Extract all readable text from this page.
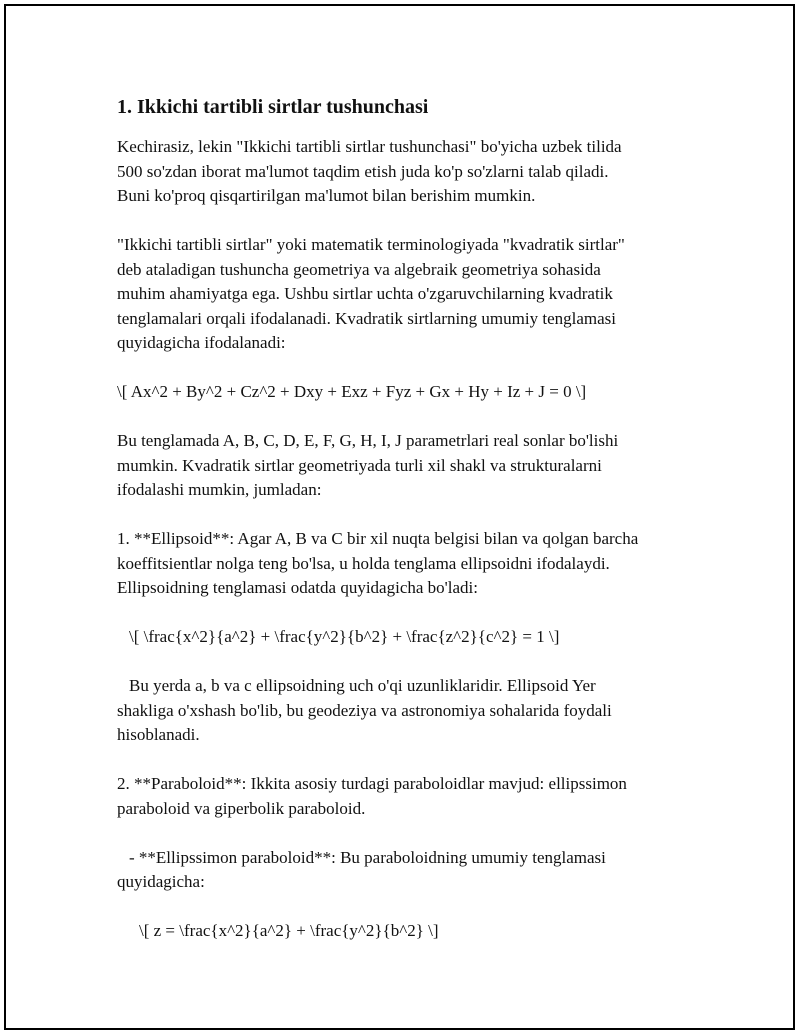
1. Ikkichi tartibli sirtlar tushunchasi
Kechirasiz, lekin "Ikkichi tartibli sirtlar tushunchasi" bo'yicha uzbek tilida
500 so'zdan iborat ma'lumot taqdim etish juda ko'p so'zlarni talab qiladi.
Buni ko'proq qisqartirilgan ma'lumot bilan berishim mumkin.
"Ikkichi tartibli sirtlar" yoki matematik terminologiyada "kvadratik sirtlar"
deb ataladigan tushuncha geometriya va algebraik geometriya sohasida
muhim ahamiyatga ega. Ushbu sirtlar uchta o'zgaruvchilarning kvadratik
tenglamalari orqali ifodalanadi. Kvadratik sirtlarning umumiy tenglamasi
quyidagicha ifodalanadi:
\[ Ax^2 + By^2 + Cz^2 + Dxy + Exz + Fyz + Gx + Hy + Iz + J = 0 \]
Bu tenglamada A, B, C, D, E, F, G, H, I, J parametrlari real sonlar bo'lishi
mumkin. Kvadratik sirtlar geometriyada turli xil shakl va strukturalarni
ifodalashi mumkin, jumladan:
1. **Ellipsoid**: Agar A, B va C bir xil nuqta belgisi bilan va qolgan barcha
koeffitsientlar nolga teng bo'lsa, u holda tenglama ellipsoidni ifodalaydi.
Ellipsoidning tenglamasi odatda quyidagicha bo'ladi:
\[ \frac{x^2}{a^2} + \frac{y^2}{b^2} + \frac{z^2}{c^2} = 1 \]
Bu yerda a, b va c ellipsoidning uch o'qi uzunliklaridir. Ellipsoid Yer
shakliga o'xshash bo'lib, bu geodeziya va astronomiya sohalarida foydali
hisoblanadi.
2. **Paraboloid**: Ikkita asosiy turdagi paraboloidlar mavjud: ellipssimon
paraboloid va giperbolik paraboloid.
- **Ellipssimon paraboloid**: Bu paraboloidning umumiy tenglamasi
quyidagicha:
\[ z = \frac{x^2}{a^2} + \frac{y^2}{b^2} \]
